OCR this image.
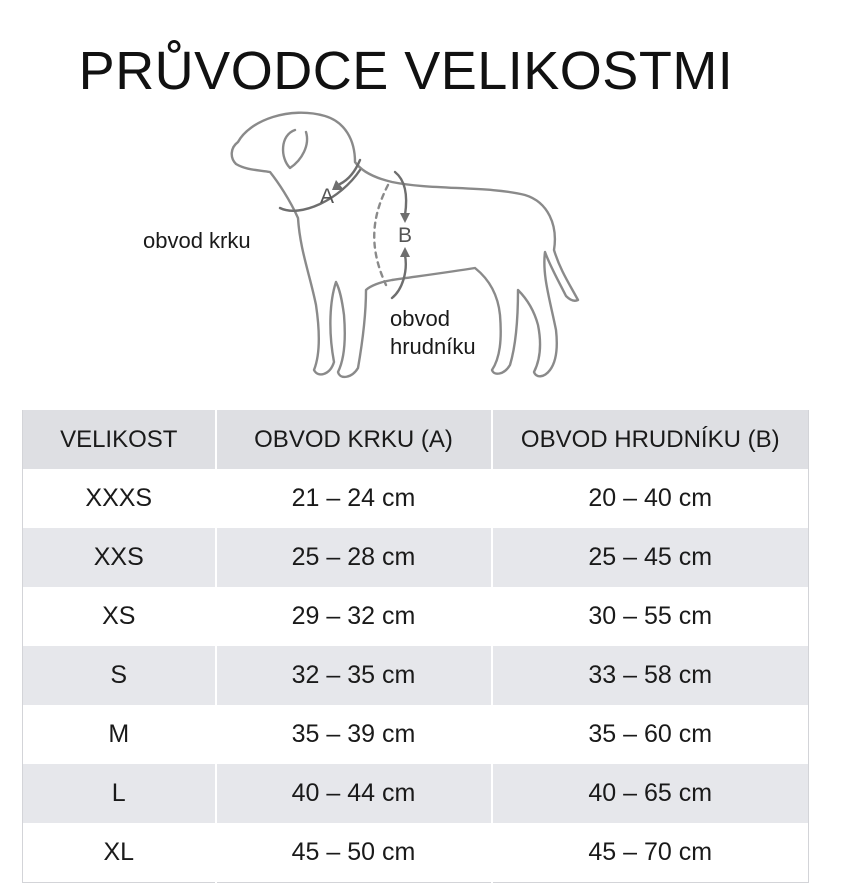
PRŮVODCE VELIKOSTMI
A
B
obvod krku
obvod hrudníku
VELIKOST	OBVOD KRKU (A)	OBVOD HRUDNÍKU (B)
XXXS	21 – 24 cm	20 – 40 cm
XXS	25 – 28 cm	25 – 45 cm
XS	29 – 32 cm	30 – 55 cm
S	32 – 35 cm	33 – 58 cm
M	35 – 39 cm	35 – 60 cm
L	40 – 44 cm	40 – 65 cm
XL	45 – 50 cm	45 – 70 cm
